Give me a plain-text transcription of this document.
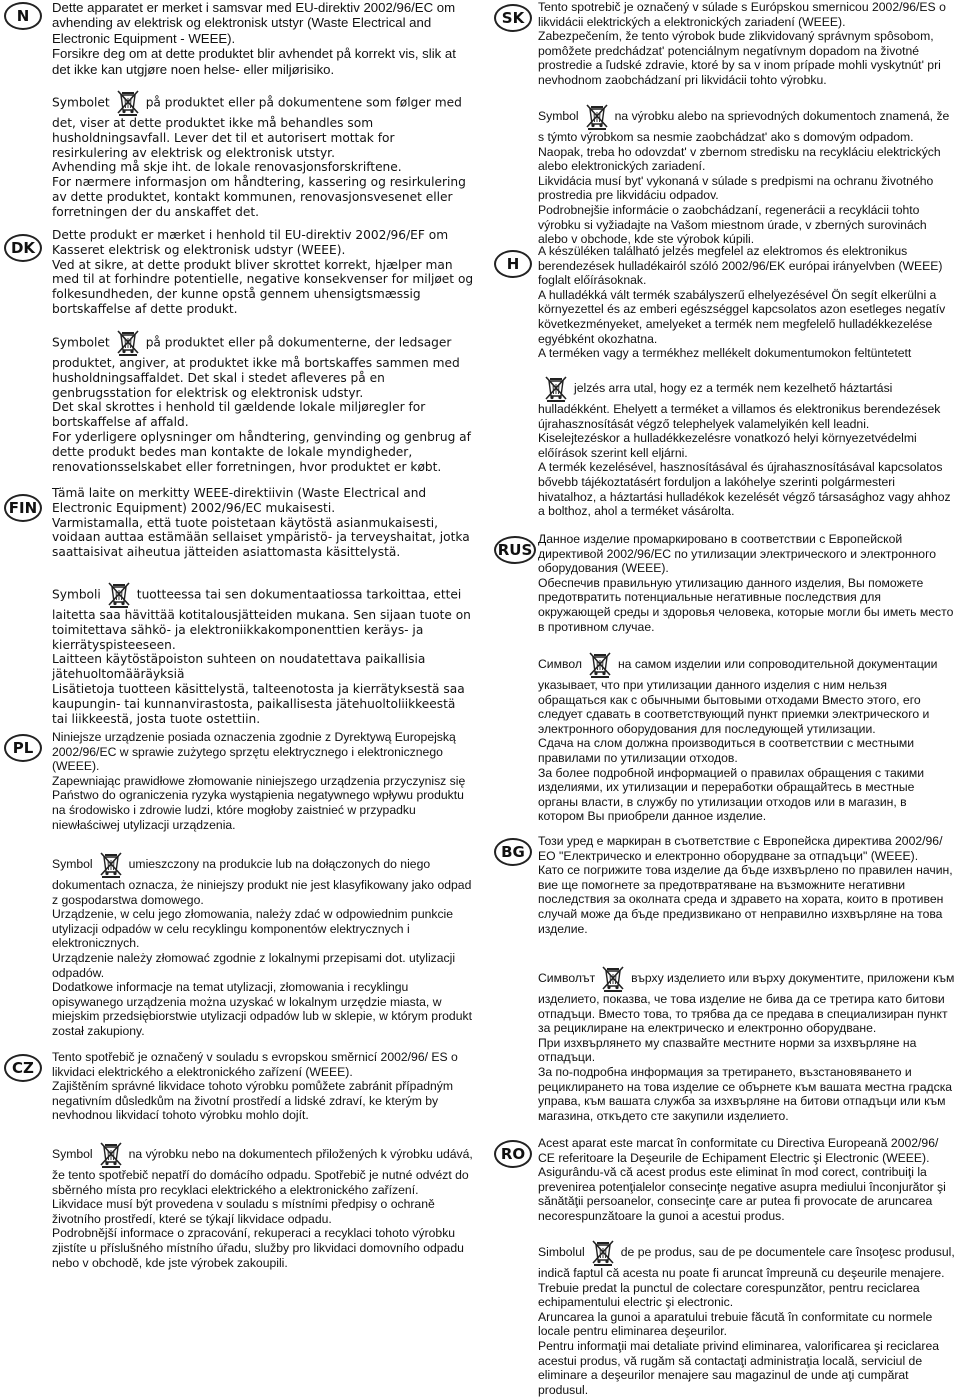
N	Dette apparatet er merket i samsvar med EU-direktiv 2002/96/EC om avhending av elektrisk og elektronisk utstyr (Waste Electrical and Electronic Equipment - WEEE).

Forsikre deg om at dette produktet blir avhendet på korrekt vis, slik at det ikke kan utgjøre noen helse- eller miljørisiko.

Symbolet	på produktet eller på dokumentene som følger med det, viser at dette produktet ikke må behandles som husholdningsavfall. Lever det til et autorisert mottak for resirkulering av elektrisk og elektronisk utstyr.

Avhending må skje iht. de lokale renovasjonsforskriftene.

For nærmere informasjon om håndtering, kassering og resirkulering av dette produktet, kontakt kommunen, renovasjonsvesenet eller forretningen der du anskaffet det.

DK

Dette produkt er mærket i henhold til EU-direktiv 2002/96/EF om Kasseret elektrisk og elektronisk udstyr (WEEE).

Ved at sikre, at dette produkt bliver skrottet korrekt, hjælper man med til at forhindre potentielle, negative konsekvenser for miljøet og folkesundheden, der kunne opstå gennem uhensigtsmæssig bortskaffelse af dette produkt.

Symbolet	på produktet eller på dokumenterne, der ledsager produktet, angiver, at produktet ikke må bortskaffes sammen med husholdningsaffaldet. Det skal i stedet afleveres på en genbrugsstation for elektrisk og elektronisk udstyr.

Det skal skrottes i henhold til gældende lokale miljøregler for bortskaffelse af affald.

For yderligere oplysninger om håndtering, genvinding og genbrug af dette produkt bedes man kontakte de lokale myndigheder, renovationsselskabet eller forretningen, hvor produktet er købt.

FIN

Tämä laite on merkitty WEEE-direktiivin (Waste Electrical and Electronic Equipment) 2002/96/EC mukaisesti.

Varmistamalla, että tuote poistetaan käytöstä asianmukaisesti, voidaan auttaa estämään sellaiset ympäristö- ja terveyshaitat, jotka saattaisivat aiheutua jätteiden asiattomasta käsittelystä.

Symboli	tuotteessa tai sen dokumentaatiossa tarkoittaa, ettei laitetta saa hävittää kotitalousjätteiden mukana. Sen sijaan tuote on toimitettava sähkö- ja elektroniikkakomponenttien keräys- ja kierrätyspisteeseen.

Laitteen käytöstäpoiston suhteen on noudatettava paikallisia jätehuoltomääräyksiä

Lisätietoja tuotteen käsittelystä, talteenotosta ja kierrätyksestä saa kaupungin- tai kunnanvirastosta, paikallisesta jätehuoltoliikkeestä tai liikkeestä, josta tuote ostettiin.

PL

Niniejsze urządzenie posiada oznaczenia zgodnie z Dyrektywą Europejską 2002/96/EC w sprawie zużytego sprzętu elektrycznego i elektronicznego (WEEE).

Zapewniając prawidłowe złomowanie niniejszego urządzenia przyczynisz się Państwo do ograniczenia ryzyka wystąpienia negatywnego wpływu produktu na środowisko i zdrowie ludzi, które mogłoby zaistnieć w przypadku niewłaściwej utylizacji urządzenia.

Symbol	umieszczony na produkcie lub na dołączonych do niego dokumentach oznacza, że niniejszy produkt nie jest klasyfikowany jako odpad z gospodarstwa domowego.

Urządzenie, w celu jego złomowania, należy zdać w odpowiednim punkcie utylizacji odpadów w celu recyklingu komponentów elektrycznych i elektronicznych.

Urządzenie należy złomować zgodnie z lokalnymi przepisami dot. utylizacji odpadów.

Dodatkowe informacje na temat utylizacji, złomowania i recyklingu opisywanego urządzenia można uzyskać w lokalnym urzędzie miasta, w miejskim przedsiębiorstwie utylizacji odpadów lub w sklepie, w którym produkt został zakupiony.

CZ

Tento spotřebič je označený v souladu s evropskou směrnicí 2002/96/ ES o likvidaci elektrického a elektronického zařízení (WEEE).

Zajištěním správné likvidace tohoto výrobku pomůžete zabránit případným negativním důsledkům na životní prostředí a lidské zdraví, ke kterým by nevhodnou likvidací tohoto výrobku mohlo dojít.

Symbol	na výrobku nebo na dokumentech přiložených k výrobku udává, že tento spotřebič nepatří do domácího odpadu. Spotřebič je nutné odvézt do sběrného místa pro recyklaci elektrického a elektronického zařízení.

Likvidace musí být provedena v souladu s místními předpisy o ochraně životního prostředí, které se týkají likvidace odpadu.

Podrobnější informace o zpracování, rekuperaci a recyklaci tohoto výrobku zjistíte u příslušného místního úřadu, služby pro likvidaci domovního odpadu nebo v obchodě, kde jste výrobek zakoupili.

SK

Tento spotrebič je označený v súlade s Európskou smernicou 2002/96/ES o likvidácii elektrických a elektronických zariadení (WEEE).

Zabezpečením, že tento výrobok bude zlikvidovaný správnym spôsobom, pomôžete predchádzat' potenciálnym negatívnym dopadom na životné prostredie a ľudské zdravie, ktoré by sa v inom prípade mohli vyskytnút' pri nevhodnom zaobchádzaní pri likvidácii tohto výrobku.

Symbol	na výrobku alebo na sprievodných dokumentoch znamená, že s týmto výrobkom sa nesmie zaobchádzat' ako s domovým odpadom. Naopak, treba ho odovzdat' v zbernom stredisku na recykláciu elektrických alebo elektronických zariadení.

Likvidácia musí byt' vykonaná v súlade s predpismi na ochranu životného prostredia pre likvidáciu odpadov.

Podrobnejšie informácie o zaobchádzaní, regenerácii a recyklácii tohto výrobku si vyžiadajte na Vašom miestnom úrade, v zberných surovinách alebo v obchode, kde ste výrobok kúpili.

H

A készüléken található jelzés megfelel az elektromos és elektronikus berendezések hulladékairól szóló 2002/96/EK európai irányelvben (WEEE) foglalt előírásoknak.

A hulladékká vált termék szabályszerű elhelyezésével Ön segít elkerülni a környezettel és az emberi egészséggel kapcsolatos azon esetleges negatív következményeket, amelyeket a termék nem megfelelő hulladékkezelése egyébként okozhatna.

A terméken vagy a termékhez mellékelt dokumentumokon feltüntetett

jelzés arra utal, hogy ez a termék nem kezelhető háztartási hulladékként. Ehelyett a terméket a villamos és elektronikus berendezések újrahasznosítását végző telephelyek valamelyikén kell leadni.

Kiselejtezéskor a hulladékkezelésre vonatkozó helyi környezetvédelmi előírások szerint kell eljárni.

A termék kezelésével, hasznosításával és újrahasznosításával kapcsolatos bővebb tájékoztatásért forduljon a lakóhelye szerinti polgármesteri hivatalhoz, a háztartási hulladékok kezelését végző társasághoz vagy ahhoz a bolthoz, ahol a terméket vásárolta.

RUS

Данное изделие промаркировано в соответствии с Европейской директивой 2002/96/EC по утилизации электрического и электронного оборудования (WEEE).

Обеспечив правильную утилизацию данного изделия, Вы поможете предотвратить потенциальные негативные последствия для окружающей среды и здоровья человека, которые могли бы иметь место в противном случае.

Символ	на самом изделии или сопроводительной документации указывает, что при утилизации данного изделия с ним нельзя обращаться как с обычными бытовыми отходами Вместо этого, его следует сдавать в соответствующий пункт приемки электрического и электронного оборудования для последующей утилизации.

Сдача на слом должна производиться в соответствии с местными правилами по утилизации отходов.

За более подробной информацией о правилах обращения с такими изделиями, их утилизации и переработки обращайтесь в местные органы власти, в службу по утилизации отходов или в магазин, в котором Вы приобрели данное изделие.

BG

Този уред е маркиран в съответствие с Европейска директива 2002/96/ЕО "Електрическо и електронно оборудване за отпадъци" (WEEE).

Като се погрижите това изделие да бъде изхвърлено по правилен начин, вие ще помогнете за предотвратяване на възможните негативни последствия за околната среда и здравето на хората, които в противен случай може да бъде предизвикано от неправилно изхвърляне на това изделие.

Символът	върху изделието или върху документите, приложени към изделието, показва, че това изделие не бива да се третира като битови отпадъци. Вместо това, то трябва да се предава в специализиран пункт за рециклиране на електрическо и електронно оборудване.

При изхвърлянето му спазвайте местните норми за изхвърляне на отпадъци.

За по-подробна информация за третирането, възстановяването и рециклирането на това изделие се обърнете към вашата местна градска управа, към вашата служба за изхвърляне на битови отпадъци или към магазина, откъдето сте закупили изделието.

RO

Acest aparat este marcat în conformitate cu Directiva Europeană 2002/96/ CE referitoare la Deşeurile de Echipament Electric şi Electronic (WEEE).

Asigurându-vă că acest produs este eliminat în mod corect, contribuiţi la prevenirea potenţialelor consecinţe negative asupra mediului înconjurător şi sănătăţii persoanelor, consecinţe care ar putea fi provocate de aruncarea necorespunzătoare la gunoi a acestui produs.

Simbolul	de pe produs, sau de pe documentele care însoţesc produsul, indică faptul că acesta nu poate fi aruncat împreună cu deşeurile menajere. Trebuie predat la punctul de colectare corespunzător, pentru reciclarea echipamentului electric şi electronic.

Aruncarea la gunoi a aparatului trebuie făcută în conformitate cu normele locale pentru eliminarea deşeurilor.

Pentru informaţii mai detaliate privind eliminarea, valorificarea şi reciclarea acestui produs, vă rugăm să contactaţi administraţia locală, serviciul de eliminare a deşeurilor menajere sau magazinul de unde aţi cumpărat produsul.
